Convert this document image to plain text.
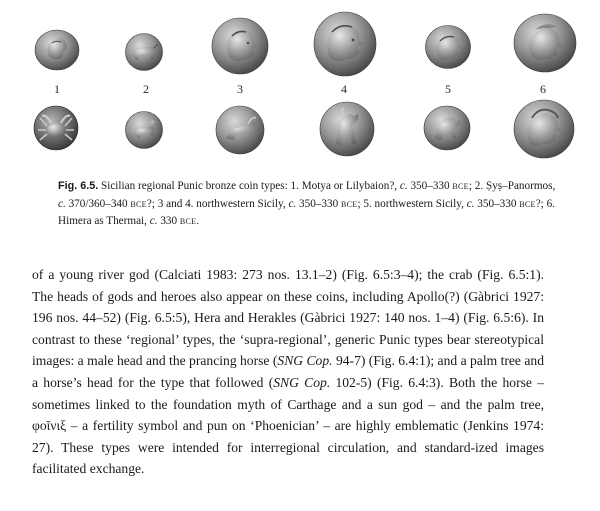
1	2	3	4	5	6
Fig. 6.5. Sicilian regional Punic bronze coin types: 1. Motya or Lilybaion?, c. 350–330 bce; 2. Ṣyṣ–Panormos, c. 370/360–340 bce?; 3 and 4. northwestern Sicily, c. 350–330 bce; 5. northwestern Sicily, c. 350–330 bce?; 6. Himera as Thermai, c. 330 bce.

of a young river god (Calciati 1983: 273 nos. 13.1–2) (Fig. 6.5:3–4); the crab (Fig. 6.5:1). The heads of gods and heroes also appear on these coins, including Apollo(?) (Gàbrici 1927: 196 nos. 44–52) (Fig. 6.5:5), Hera and Herakles (Gàbrici 1927: 140 nos. 1–4) (Fig. 6.5:6). In contrast to these ‘regional’ types, the ‘supra-regional’, generic Punic types bear stereotypical images: a male head and the prancing horse (SNG Cop. 94-7) (Fig. 6.4:1); and a palm tree and a horse’s head for the type that followed (SNG Cop. 102-5) (Fig. 6.4:3). Both the horse – sometimes linked to the foundation myth of Carthage and a sun god – and the palm tree, φοῖνιξ – a fertility symbol and pun on ‘Phoenician’ – are highly emblematic (Jenkins 1974: 27). These types were intended for interregional circulation, and standard-ized images facilitated exchange.
